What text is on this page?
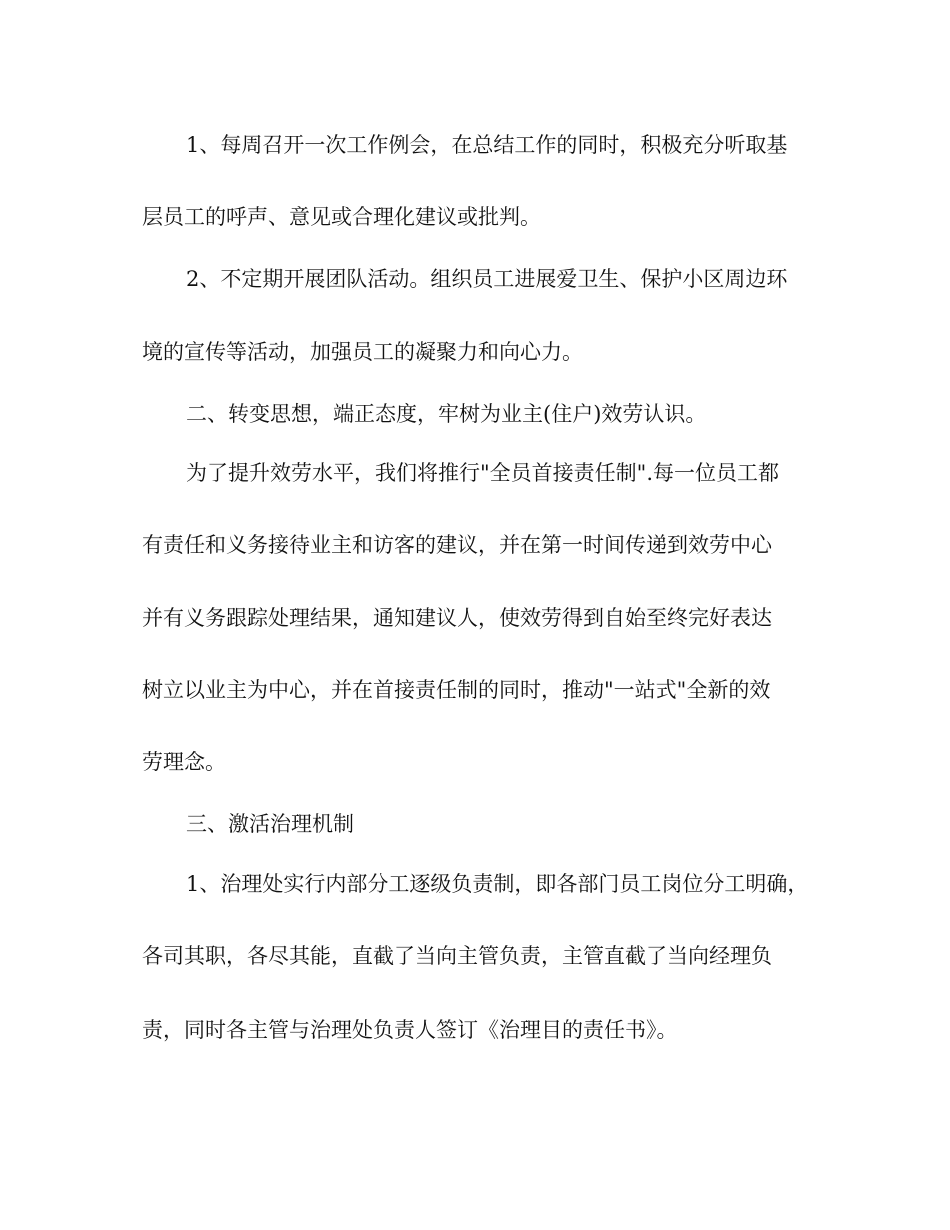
1、每周召开一次工作例会，在总结工作的同时，积极充分听取基

层员工的呼声、意见或合理化建议或批判。

2、不定期开展团队活动。组织员工进展爱卫生、保护小区周边环

境的宣传等活动，加强员工的凝聚力和向心力。

二、转变思想，端正态度，牢树为业主(住户)效劳认识。

为了提升效劳水平，我们将推行"全员首接责任制".每一位员工都

有责任和义务接待业主和访客的建议，并在第一时间传递到效劳中心

并有义务跟踪处理结果，通知建议人，使效劳得到自始至终完好表达

树立以业主为中心，并在首接责任制的同时，推动"一站式"全新的效

劳理念。

三、激活治理机制

1、治理处实行内部分工逐级负责制，即各部门员工岗位分工明确，

各司其职，各尽其能，直截了当向主管负责，主管直截了当向经理负

责，同时各主管与治理处负责人签订《治理目的责任书》。
